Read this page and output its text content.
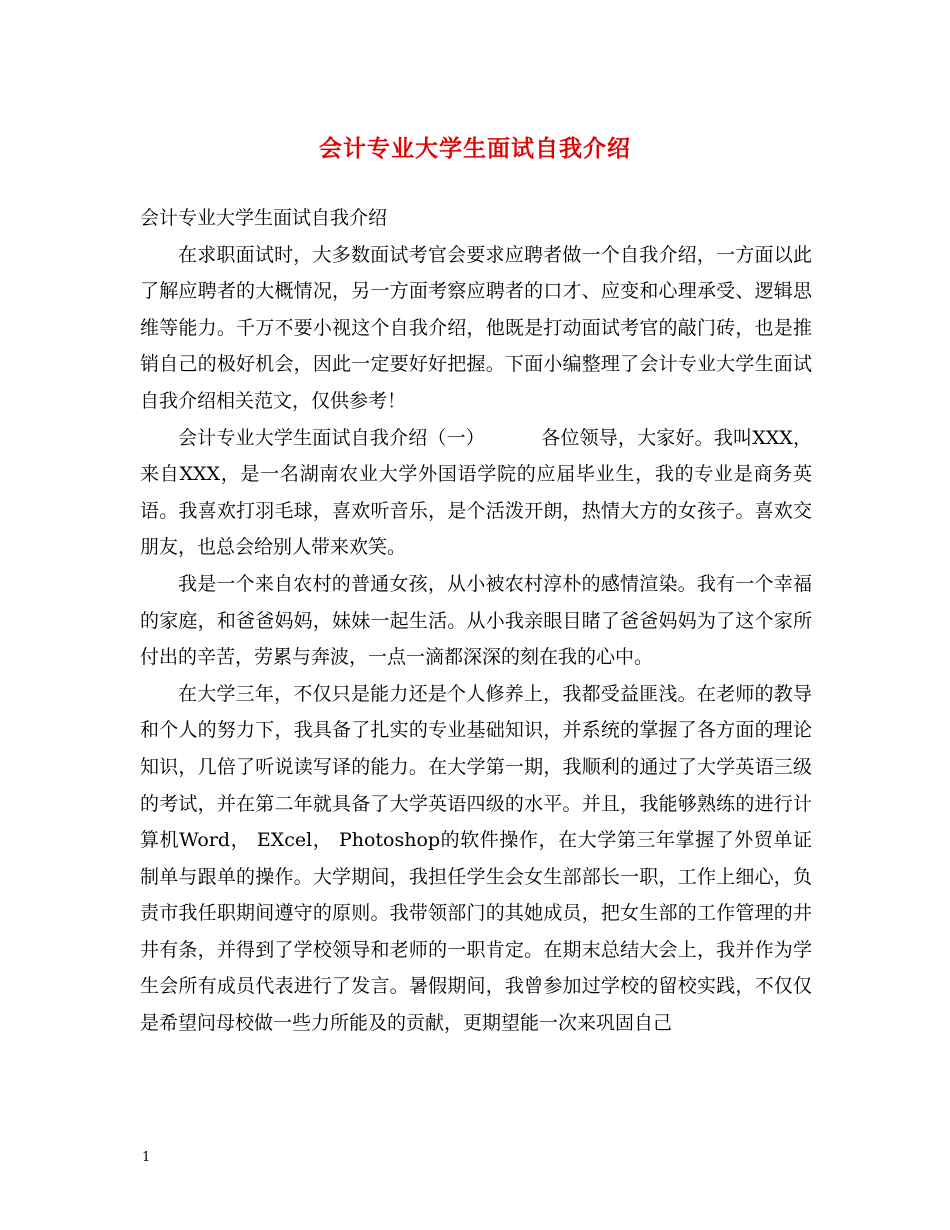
会计专业大学生面试自我介绍

会计专业大学生面试自我介绍

在求职面试时，大多数面试考官会要求应聘者做一个自我介绍，一方面以此了解应聘者的大概情况，另一方面考察应聘者的口才、应变和心理承受、逻辑思维等能力。千万不要小视这个自我介绍，他既是打动面试考官的敲门砖，也是推销自己的极好机会，因此一定要好好把握。下面小编整理了会计专业大学生面试自我介绍相关范文，仅供参考！

会计专业大学生面试自我介绍（一）	各位领导，大家好。我叫XXX，来自XXX，是一名湖南农业大学外国语学院的应届毕业生，我的专业是商务英语。我喜欢打羽毛球，喜欢听音乐，是个活泼开朗，热情大方的女孩子。喜欢交朋友，也总会给别人带来欢笑。

我是一个来自农村的普通女孩，从小被农村淳朴的感情渲染。我有一个幸福的家庭，和爸爸妈妈，妹妹一起生活。从小我亲眼目睹了爸爸妈妈为了这个家所付出的辛苦，劳累与奔波，一点一滴都深深的刻在我的心中。

在大学三年，不仅只是能力还是个人修养上，我都受益匪浅。在老师的教导和个人的努力下，我具备了扎实的专业基础知识，并系统的掌握了各方面的理论知识，几倍了听说读写译的能力。在大学第一期，我顺利的通过了大学英语三级的考试，并在第二年就具备了大学英语四级的水平。并且，我能够熟练的进行计算机Word， EXcel， Photoshop的软件操作，在大学第三年掌握了外贸单证制单与跟单的操作。大学期间，我担任学生会女生部部长一职，工作上细心，负责市我任职期间遵守的原则。我带领部门的其她成员，把女生部的工作管理的井井有条，并得到了学校领导和老师的一职肯定。在期末总结大会上，我并作为学生会所有成员代表进行了发言。暑假期间，我曾参加过学校的留校实践，不仅仅是希望问母校做一些力所能及的贡献，更期望能一次来巩固自己

1
